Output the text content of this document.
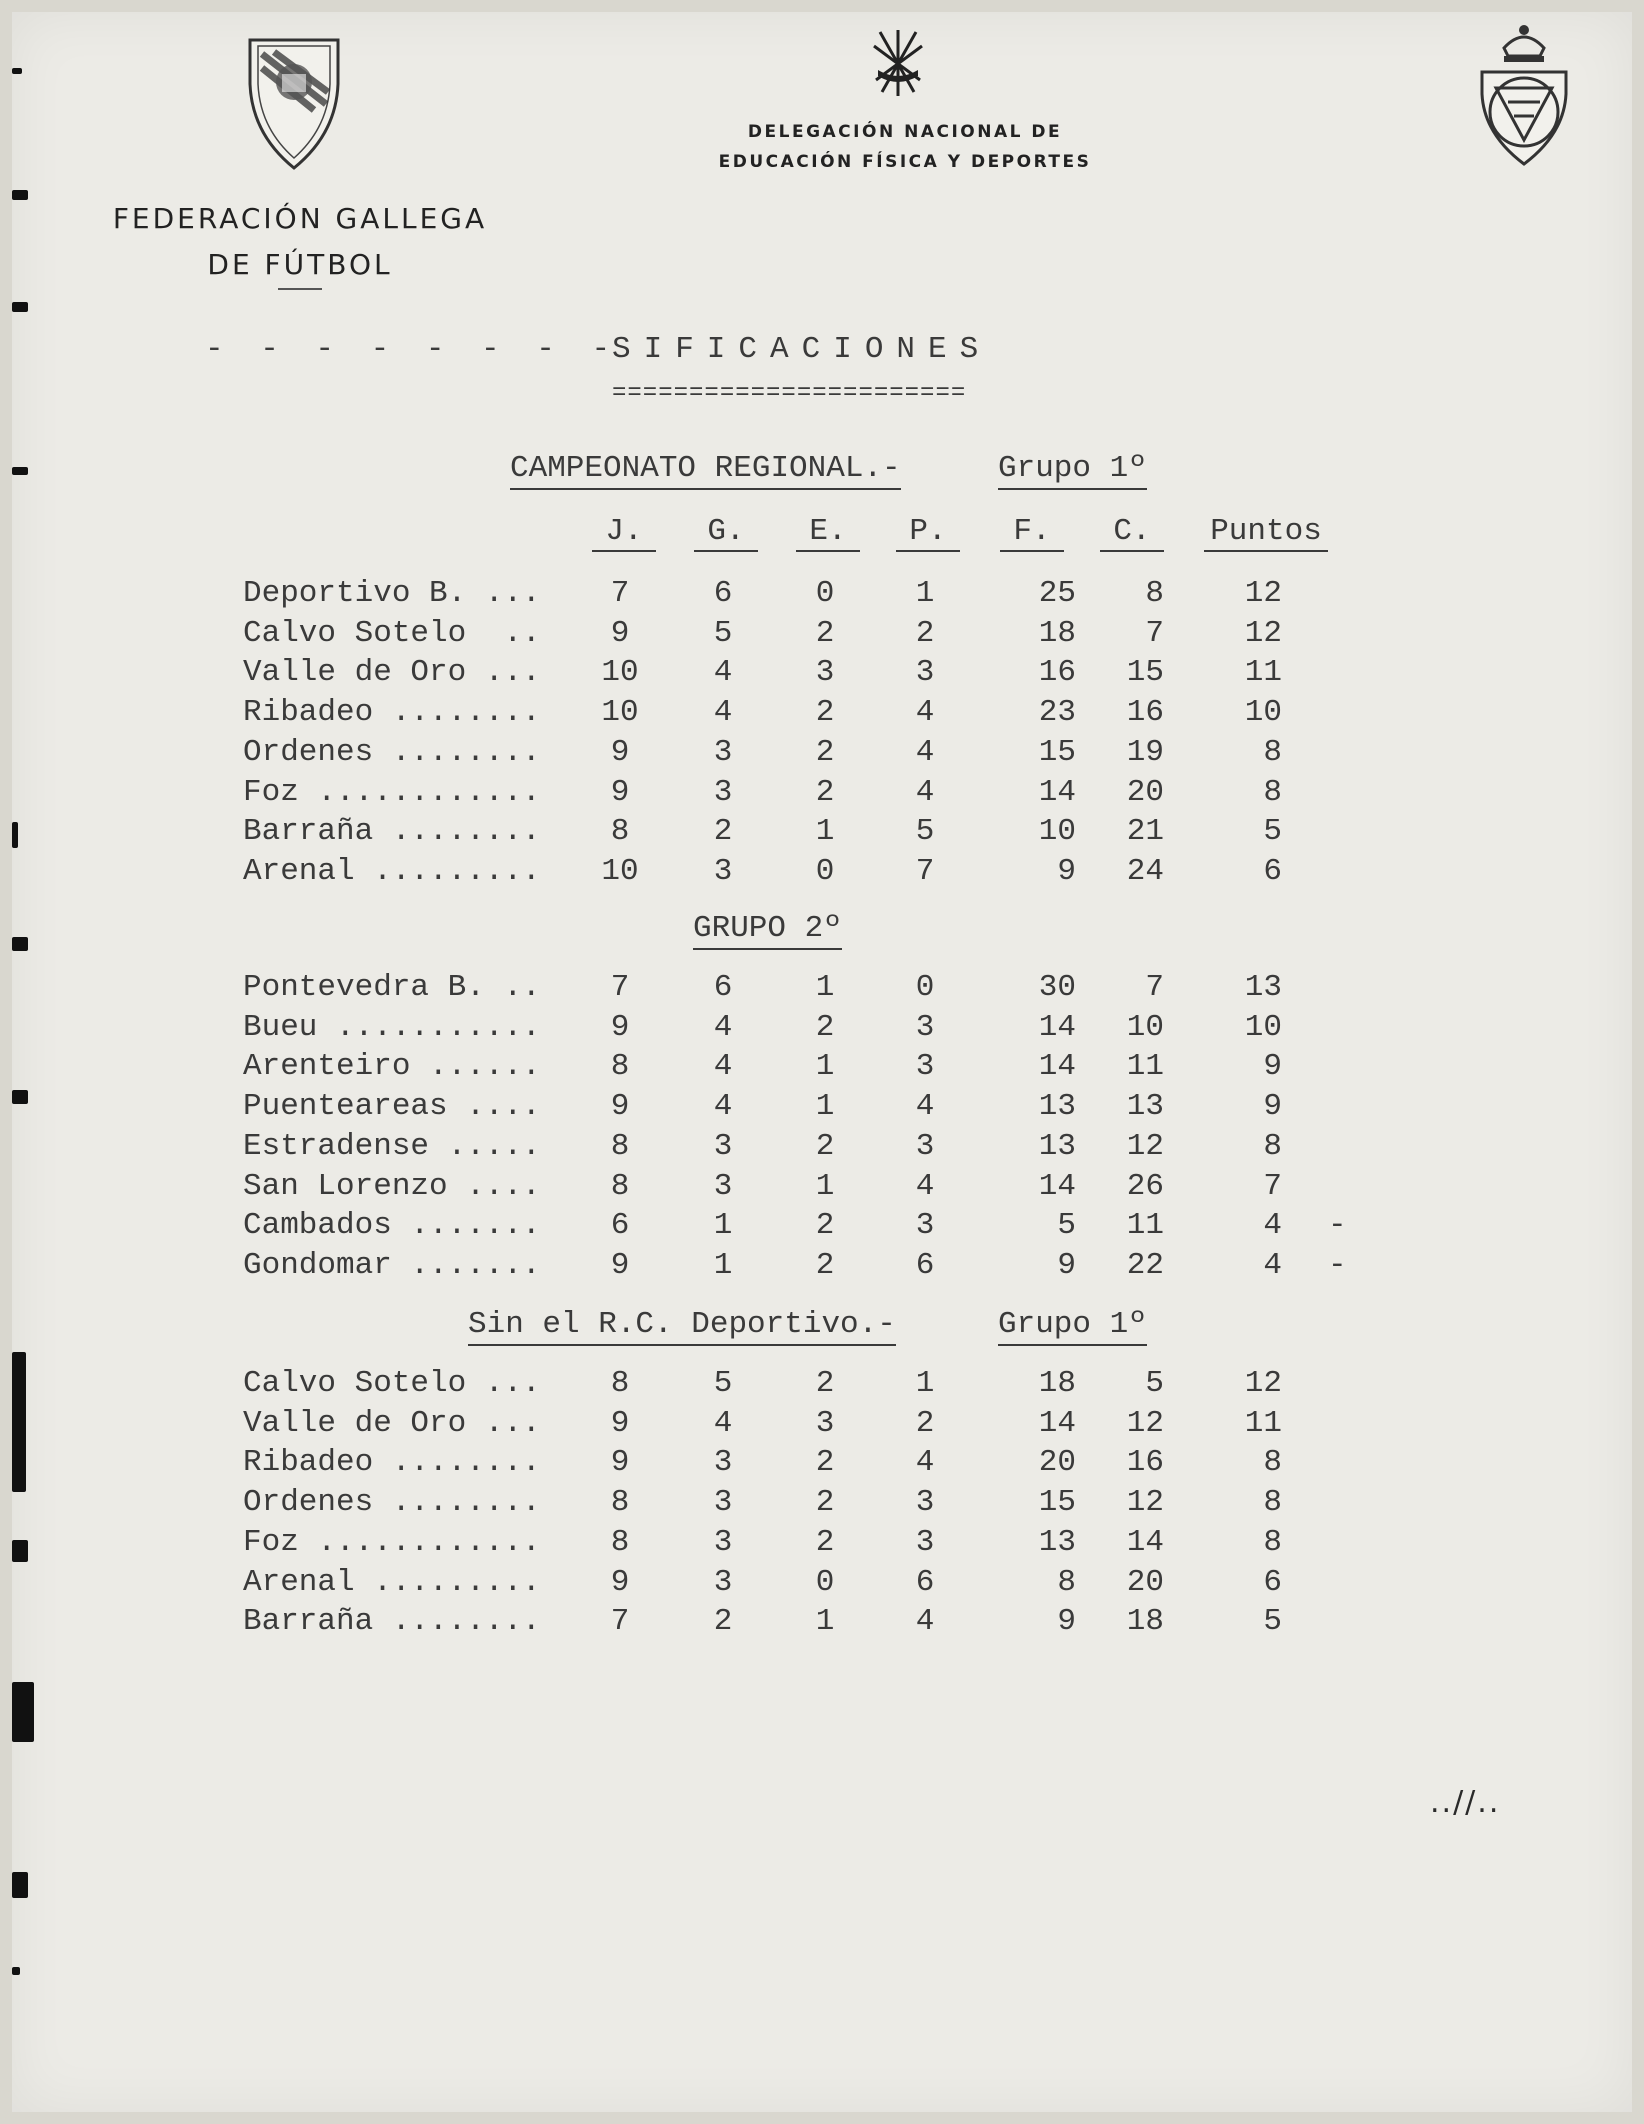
FEDERACIÓN GALLEGA
DE FÚTBOL
DELEGACIÓN NACIONAL DE
EDUCACIÓN FÍSICA Y DEPORTES
- - - - - - - -
SIFICACIONES
=======================
CAMPEONATO REGIONAL.-	Grupo 1º
J.	G.	E.	P.	F.	C.	Puntos
Deportivo B. ...	7	6	0	1	25	8	12
Calvo Sotelo  ..	9	5	2	2	18	7	12
Valle de Oro ...	10	4	3	3	16	15	11
Ribadeo ........	10	4	2	4	23	16	10
Ordenes ........	9	3	2	4	15	19	8
Foz ............	9	3	2	4	14	20	8
Barraña ........	8	2	1	5	10	21	5
Arenal .........	10	3	0	7	9	24	6
GRUPO 2º
Pontevedra B. ..	7	6	1	0	30	7	13
Bueu ...........	9	4	2	3	14	10	10
Arenteiro ......	8	4	1	3	14	11	9
Puenteareas ....	9	4	1	4	13	13	9
Estradense .....	8	3	2	3	13	12	8
San Lorenzo ....	8	3	1	4	14	26	7
Cambados .......	6	1	2	3	5	11	4 -
Gondomar .......	9	1	2	6	9	22	4 -
Sin el R.C. Deportivo.-	Grupo 1º
Calvo Sotelo ...	8	5	2	1	18	5	12
Valle de Oro ...	9	4	3	2	14	12	11
Ribadeo ........	9	3	2	4	20	16	8
Ordenes ........	8	3	2	3	15	12	8
Foz ............	8	3	2	3	13	14	8
Arenal .........	9	3	0	6	8	20	6
Barraña ........	7	2	1	4	9	18	5
..//..
